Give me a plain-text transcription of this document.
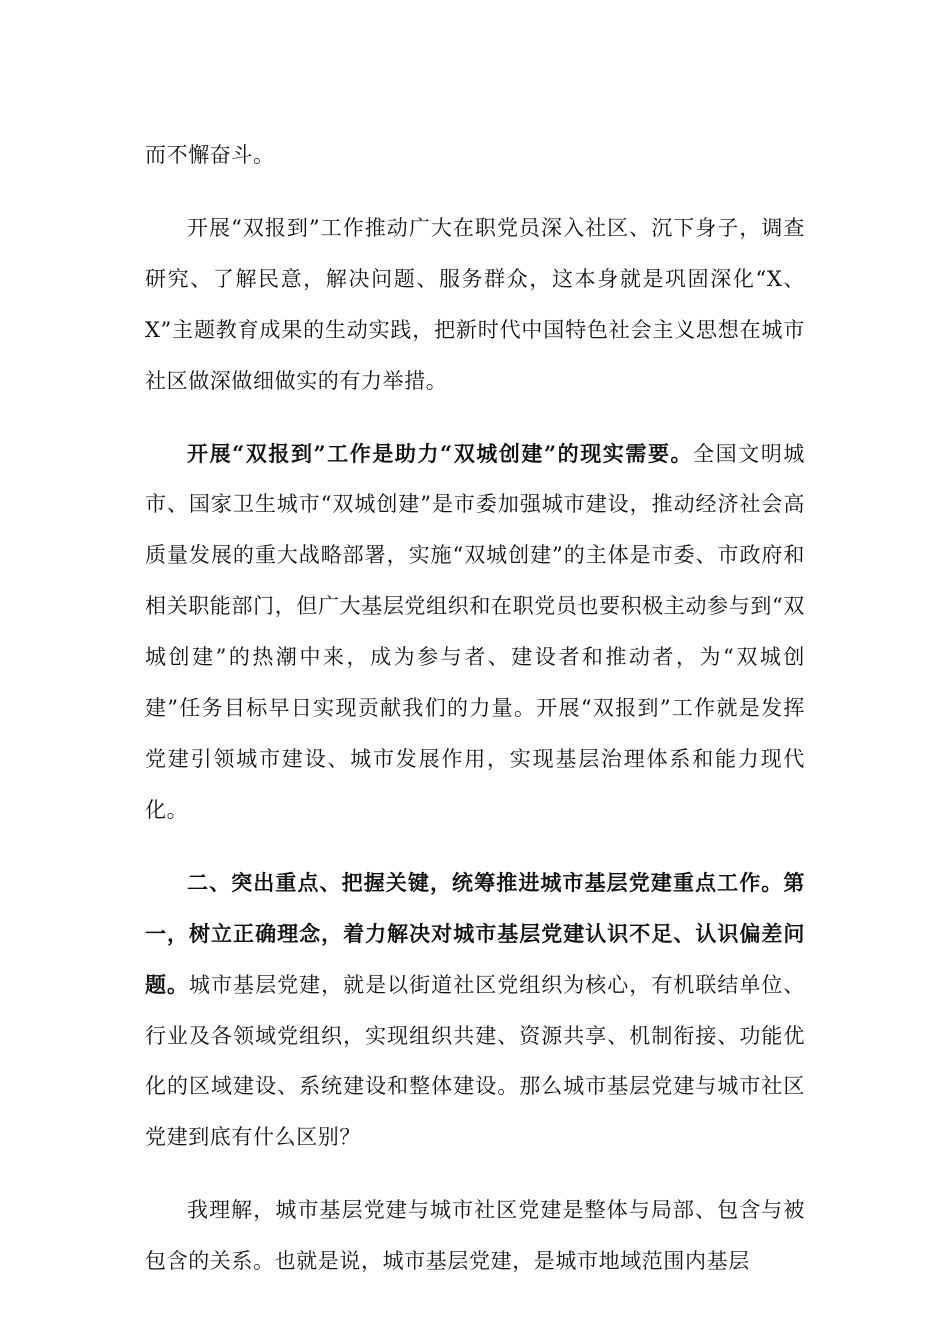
而不懈奋斗。

开展“双报到”工作推动广大在职党员深入社区、沉下身子，调查研究、了解民意，解决问题、服务群众，这本身就是巩固深化“X、X”主题教育成果的生动实践，把新时代中国特色社会主义思想在城市社区做深做细做实的有力举措。

开展“双报到”工作是助力“双城创建”的现实需要。全国文明城市、国家卫生城市“双城创建”是市委加强城市建设，推动经济社会高质量发展的重大战略部署，实施“双城创建”的主体是市委、市政府和相关职能部门，但广大基层党组织和在职党员也要积极主动参与到“双城创建”的热潮中来，成为参与者、建设者和推动者，为“双城创建”任务目标早日实现贡献我们的力量。开展“双报到”工作就是发挥党建引领城市建设、城市发展作用，实现基层治理体系和能力现代化。

二、突出重点、把握关键，统筹推进城市基层党建重点工作。第一，树立正确理念，着力解决对城市基层党建认识不足、认识偏差问题。城市基层党建，就是以街道社区党组织为核心，有机联结单位、行业及各领域党组织，实现组织共建、资源共享、机制衔接、功能优化的区域建设、系统建设和整体建设。那么城市基层党建与城市社区党建到底有什么区别？

我理解，城市基层党建与城市社区党建是整体与局部、包含与被包含的关系。也就是说，城市基层党建，是城市地域范围内基层
